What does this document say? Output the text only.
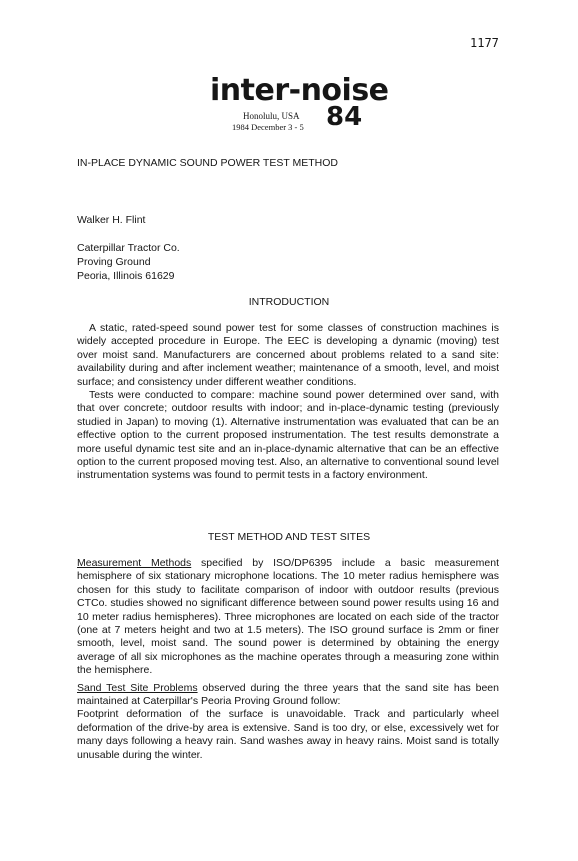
1177
inter-noise
Honolulu, USA
1984 December 3 - 5 84
IN-PLACE DYNAMIC SOUND POWER TEST METHOD
Walker H. Flint
Caterpillar Tractor Co.
Proving Ground
Peoria, Illinois 61629
INTRODUCTION

A static, rated-speed sound power test for some classes of construction machines is widely accepted procedure in Europe. The EEC is developing a dynamic (moving) test over moist sand. Manufacturers are concerned about problems related to a sand site: availability during and after inclement weather; maintenance of a smooth, level, and moist surface; and consistency under different weather conditions.

Tests were conducted to compare: machine sound power determined over sand, with that over concrete; outdoor results with indoor; and in-place-dynamic testing (previously studied in Japan) to moving (1). Alternative instrumentation was evaluated that can be an effective option to the current proposed instrumentation. The test results demonstrate a more useful dynamic test site and an in-place-dynamic alternative that can be an effective option to the current proposed moving test. Also, an alternative to conventional sound level instrumentation systems was found to permit tests in a factory environment.

TEST METHOD AND TEST SITES

Measurement Methods specified by ISO/DP6395 include a basic measurement hemisphere of six stationary microphone locations. The 10 meter radius hemisphere was chosen for this study to facilitate comparison of indoor with outdoor results (previous CTCo. studies showed no significant difference between sound power results using 16 and 10 meter radius hemispheres). Three microphones are located on each side of the tractor (one at 7 meters height and two at 1.5 meters). The ISO ground surface is 2mm or finer smooth, level, moist sand. The sound power is determined by obtaining the energy average of all six microphones as the machine operates through a measuring zone within the hemisphere.

Sand Test Site Problems observed during the three years that the sand site has been maintained at Caterpillar's Peoria Proving Ground follow:

Footprint deformation of the surface is unavoidable. Track and particularly wheel deformation of the drive-by area is extensive. Sand is too dry, or else, excessively wet for many days following a heavy rain. Sand washes away in heavy rains. Moist sand is totally unusable during the winter.
